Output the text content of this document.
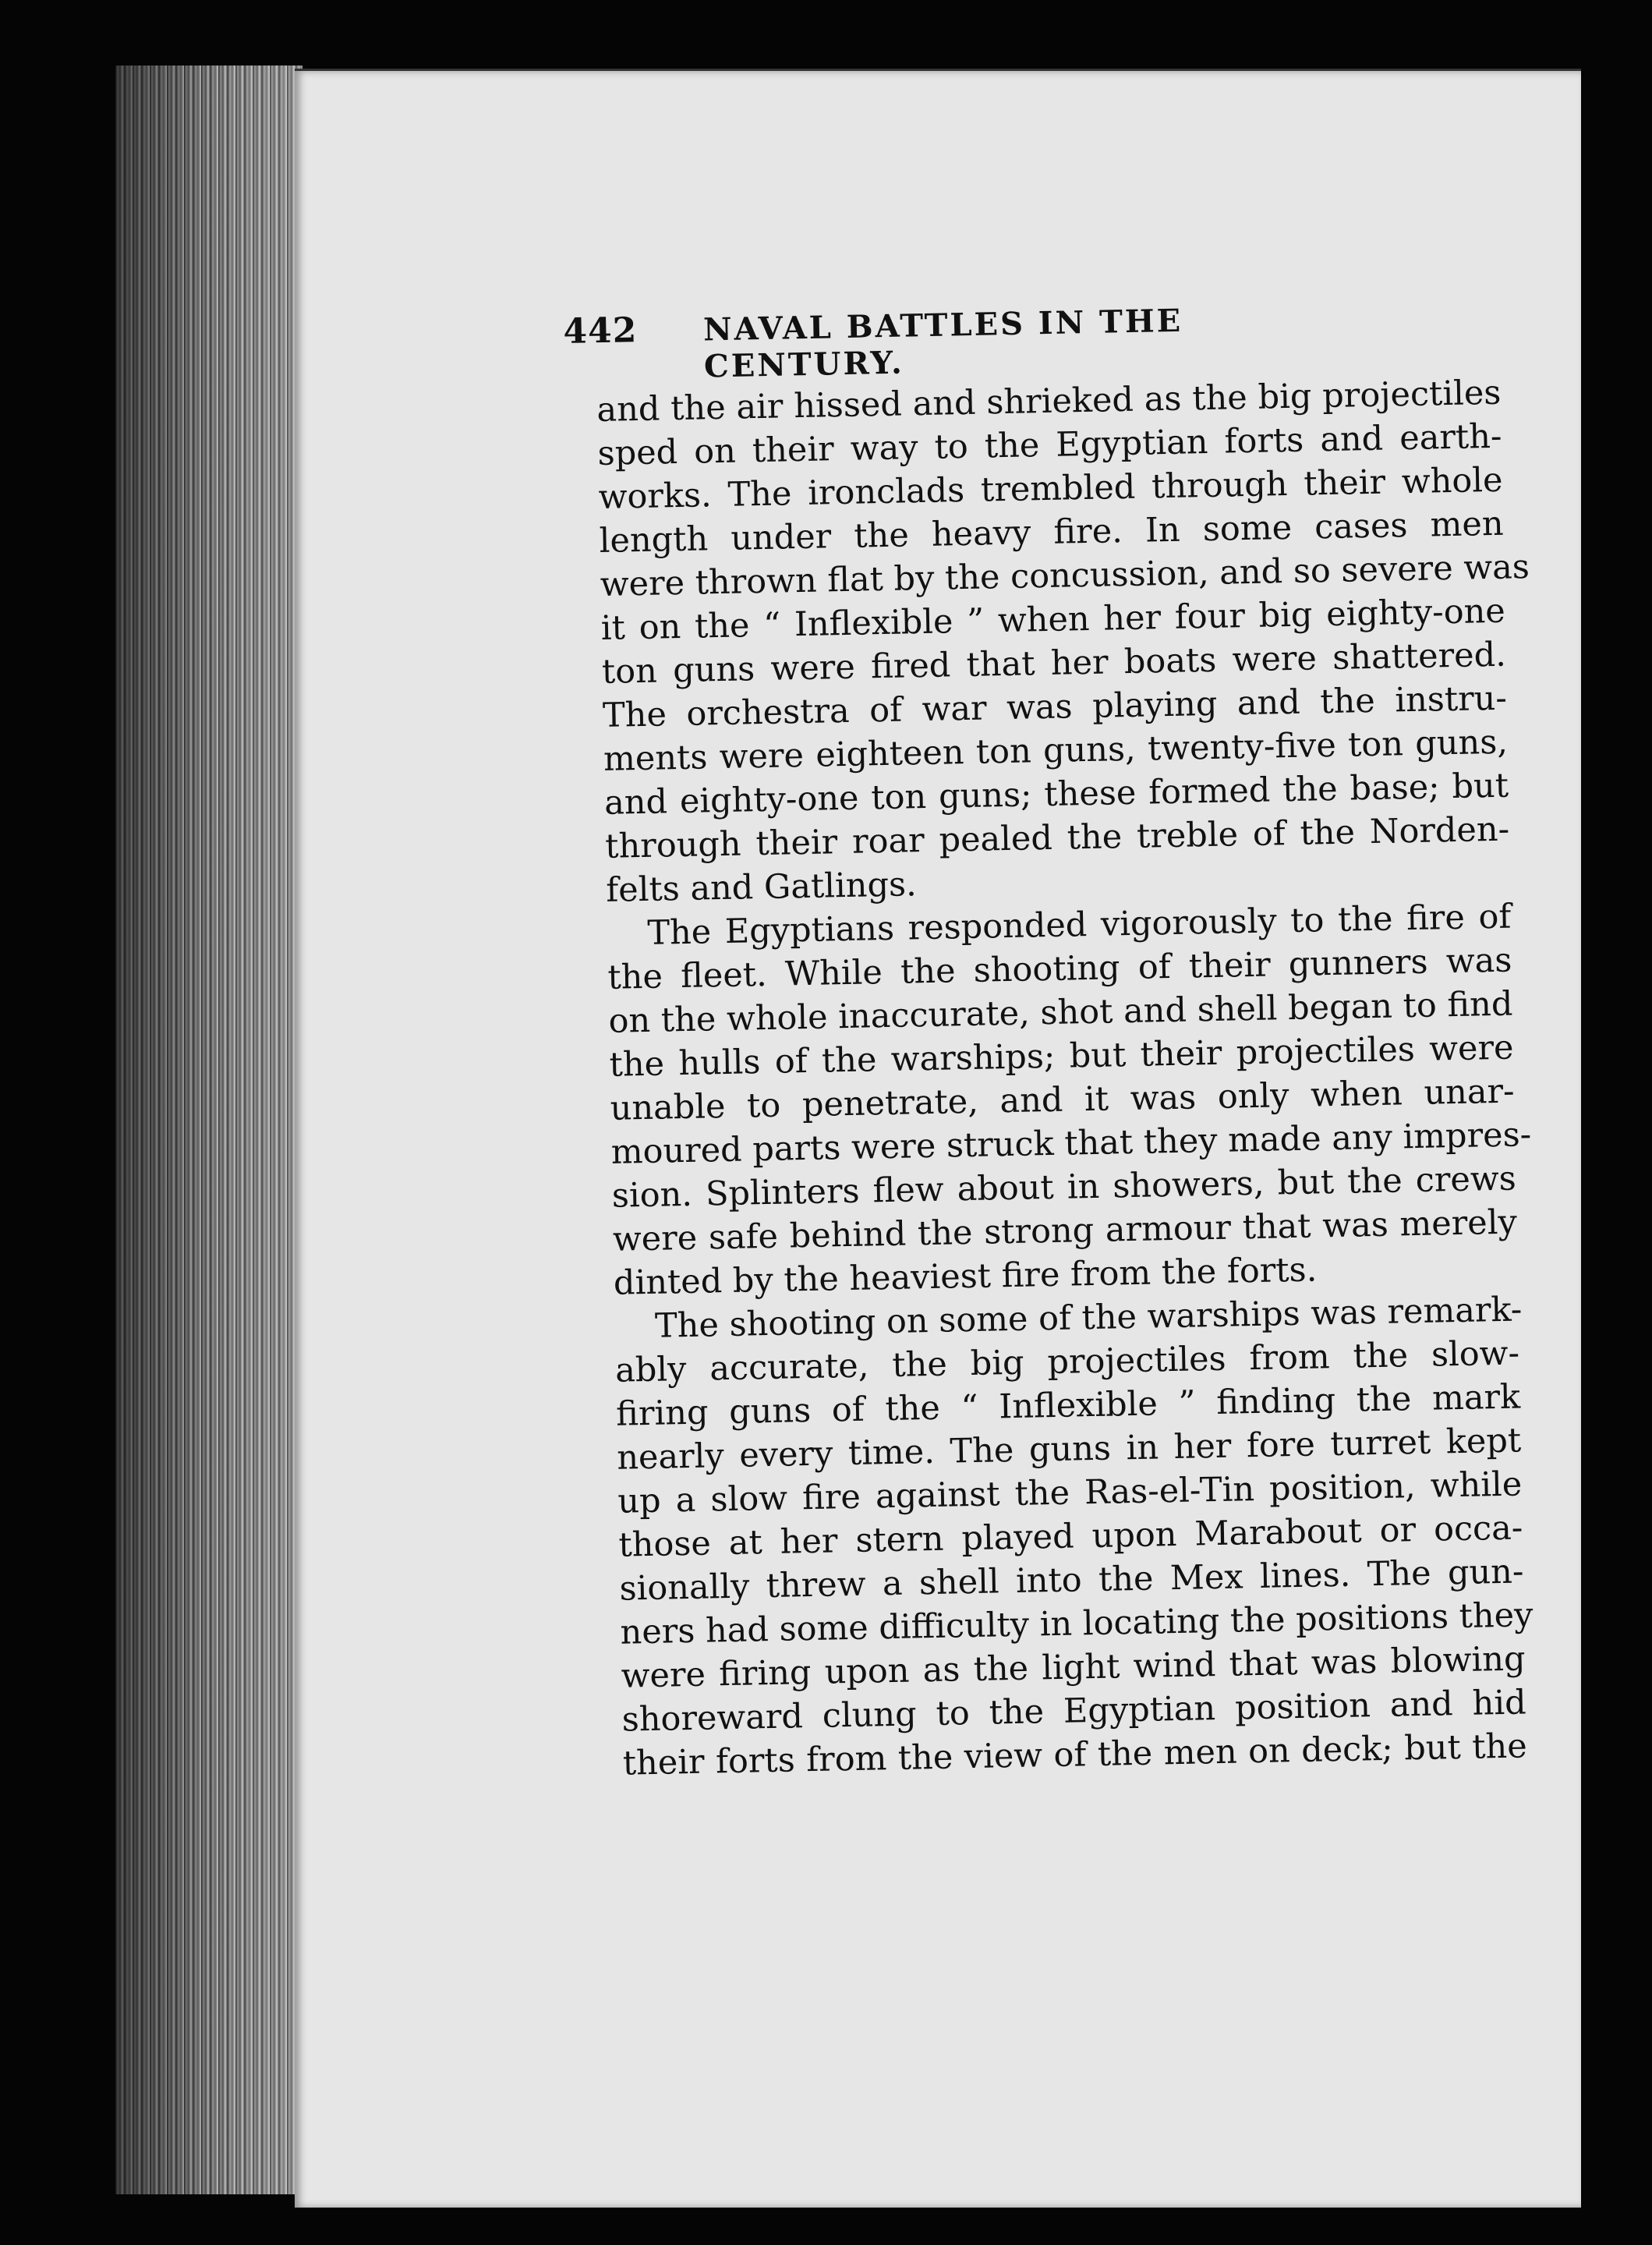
442	NAVAL BATTLES IN THE CENTURY.
and the air hissed and shrieked as the big projectiles
sped on their way to the Egyptian forts and earth-
works. The ironclads trembled through their whole
length under the heavy fire. In some cases men
were thrown flat by the concussion, and so severe was
it on the “ Inflexible ” when her four big eighty-one
ton guns were fired that her boats were shattered.
The orchestra of war was playing and the instru-
ments were eighteen ton guns, twenty-five ton guns,
and eighty-one ton guns; these formed the base; but
through their roar pealed the treble of the Norden-
felts and Gatlings.
The Egyptians responded vigorously to the fire of
the fleet. While the shooting of their gunners was
on the whole inaccurate, shot and shell began to find
the hulls of the warships; but their projectiles were
unable to penetrate, and it was only when unar-
moured parts were struck that they made any impres-
sion. Splinters flew about in showers, but the crews
were safe behind the strong armour that was merely
dinted by the heaviest fire from the forts.
The shooting on some of the warships was remark-
ably accurate, the big projectiles from the slow-
firing guns of the “ Inflexible ” finding the mark
nearly every time. The guns in her fore turret kept
up a slow fire against the Ras-el-Tin position, while
those at her stern played upon Marabout or occa-
sionally threw a shell into the Mex lines. The gun-
ners had some difficulty in locating the positions they
were firing upon as the light wind that was blowing
shoreward clung to the Egyptian position and hid
their forts from the view of the men on deck; but the
